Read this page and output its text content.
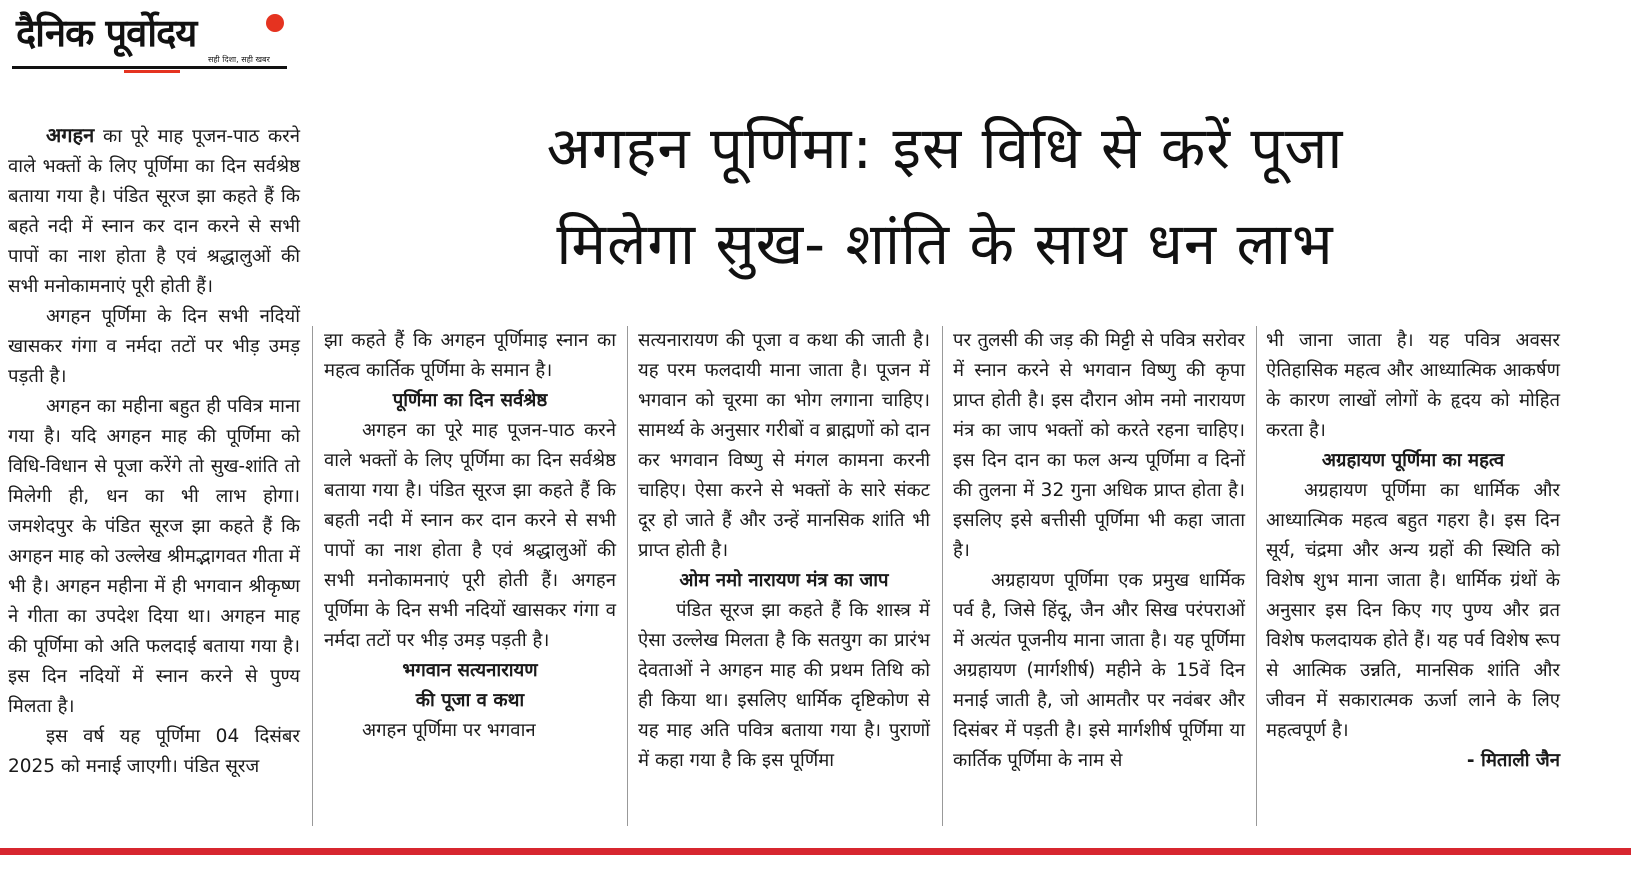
दैनिक पूर्वोदय
सही दिशा, सही खबर
अगहन पूर्णिमा: इस विधि से करें पूजा
मिलेगा सुख- शांति के साथ धन लाभ

अगहन का पूरे माह पूजन-पाठ करने वाले भक्तों के लिए पूर्णिमा का दिन सर्वश्रेष्ठ बताया गया है। पंडित सूरज झा कहते हैं कि बहते नदी में स्नान कर दान करने से सभी पापों का नाश होता है एवं श्रद्धालुओं की सभी मनोकामनाएं पूरी होती हैं।

अगहन पूर्णिमा के दिन सभी नदियों खासकर गंगा व नर्मदा तटों पर भीड़ उमड़ पड़ती है।

अगहन का महीना बहुत ही पवित्र माना गया है। यदि अगहन माह की पूर्णिमा को विधि-विधान से पूजा करेंगे तो सुख-शांति तो मिलेगी ही, धन का भी लाभ होगा। जमशेदपुर के पंडित सूरज झा कहते हैं कि अगहन माह को उल्लेख श्रीमद्भागवत गीता में भी है। अगहन महीना में ही भगवान श्रीकृष्ण ने गीता का उपदेश दिया था। अगहन माह की पूर्णिमा को अति फलदाई बताया गया है। इस दिन नदियों में स्नान करने से पुण्य मिलता है।

इस वर्ष यह पूर्णिमा 04 दिसंबर 2025 को मनाई जाएगी। पंडित सूरज

झा कहते हैं कि अगहन पूर्णिमाइ स्नान का महत्व कार्तिक पूर्णिमा के समान है।

पूर्णिमा का दिन सर्वश्रेष्ठ

अगहन का पूरे माह पूजन-पाठ करने वाले भक्तों के लिए पूर्णिमा का दिन सर्वश्रेष्ठ बताया गया है। पंडित सूरज झा कहते हैं कि बहती नदी में स्नान कर दान करने से सभी पापों का नाश होता है एवं श्रद्धालुओं की सभी मनोकामनाएं पूरी होती हैं। अगहन पूर्णिमा के दिन सभी नदियों खासकर गंगा व नर्मदा तटों पर भीड़ उमड़ पड़ती है।

भगवान सत्यनारायण

की पूजा व कथा

अगहन पूर्णिमा पर भगवान

सत्यनारायण की पूजा व कथा की जाती है। यह परम फलदायी माना जाता है। पूजन में भगवान को चूरमा का भोग लगाना चाहिए। सामर्थ्य के अनुसार गरीबों व ब्राह्मणों को दान कर भगवान विष्णु से मंगल कामना करनी चाहिए। ऐसा करने से भक्तों के सारे संकट दूर हो जाते हैं और उन्हें मानसिक शांति भी प्राप्त होती है।

ओम नमो नारायण मंत्र का जाप

पंडित सूरज झा कहते हैं कि शास्त्र में ऐसा उल्लेख मिलता है कि सतयुग का प्रारंभ देवताओं ने अगहन माह की प्रथम तिथि को ही किया था। इसलिए धार्मिक दृष्टिकोण से यह माह अति पवित्र बताया गया है। पुराणों में कहा गया है कि इस पूर्णिमा

पर तुलसी की जड़ की मिट्टी से पवित्र सरोवर में स्नान करने से भगवान विष्णु की कृपा प्राप्त होती है। इस दौरान ओम नमो नारायण मंत्र का जाप भक्तों को करते रहना चाहिए। इस दिन दान का फल अन्य पूर्णिमा व दिनों की तुलना में 32 गुना अधिक प्राप्त होता है। इसलिए इसे बत्तीसी पूर्णिमा भी कहा जाता है।

अग्रहायण पूर्णिमा एक प्रमुख धार्मिक पर्व है, जिसे हिंदू, जैन और सिख परंपराओं में अत्यंत पूजनीय माना जाता है। यह पूर्णिमा अग्रहायण (मार्गशीर्ष) महीने के 15वें दिन मनाई जाती है, जो आमतौर पर नवंबर और दिसंबर में पड़ती है। इसे मार्गशीर्ष पूर्णिमा या कार्तिक पूर्णिमा के नाम से

भी जाना जाता है। यह पवित्र अवसर ऐतिहासिक महत्व और आध्यात्मिक आकर्षण के कारण लाखों लोगों के हृदय को मोहित करता है।

अग्रहायण पूर्णिमा का महत्व

अग्रहायण पूर्णिमा का धार्मिक और आध्यात्मिक महत्व बहुत गहरा है। इस दिन सूर्य, चंद्रमा और अन्य ग्रहों की स्थिति को विशेष शुभ माना जाता है। धार्मिक ग्रंथों के अनुसार इस दिन किए गए पुण्य और व्रत विशेष फलदायक होते हैं। यह पर्व विशेष रूप से आत्मिक उन्नति, मानसिक शांति और जीवन में सकारात्मक ऊर्जा लाने के लिए महत्वपूर्ण है।

- मिताली जैन
